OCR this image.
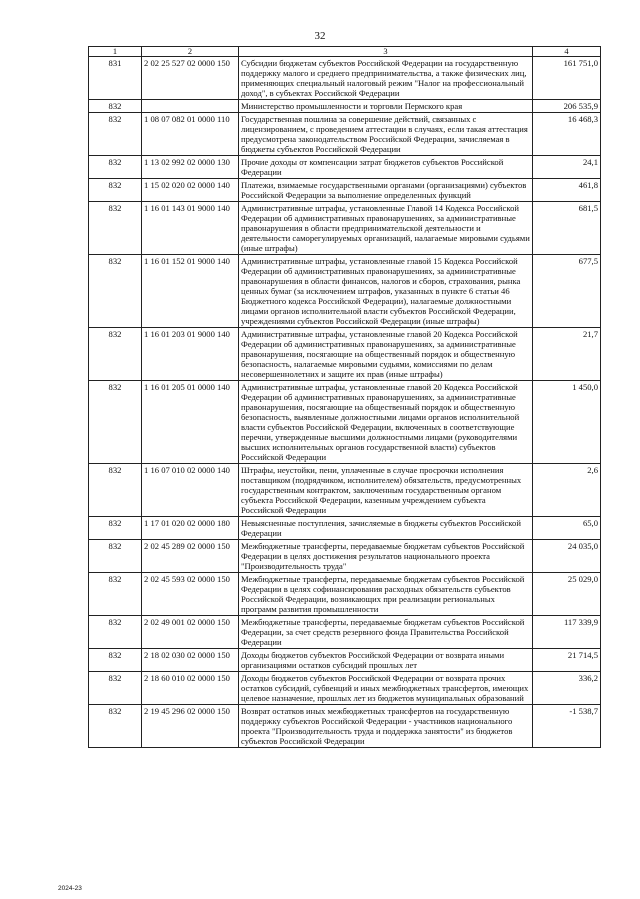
32
1	2	3	4
831	2 02 25 527 02 0000 150	Субсидии бюджетам субъектов Российской Федерации на государственную поддержку малого и среднего предпринимательства, а также физических лиц, применяющих специальный налоговый режим "Налог на профессиональный доход", в субъектах Российской Федерации	161 751,0
832		Министерство промышленности и торговли Пермского края	206 535,9
832	1 08 07 082 01 0000 110	Государственная пошлина за совершение действий, связанных с лицензированием, с проведением аттестации в случаях, если такая аттестация предусмотрена законодательством Российской Федерации, зачисляемая в бюджеты субъектов Российской Федерации	16 468,3
832	1 13 02 992 02 0000 130	Прочие доходы от компенсации затрат бюджетов субъектов Российской Федерации	24,1
832	1 15 02 020 02 0000 140	Платежи, взимаемые государственными органами (организациями) субъектов Российской Федерации за выполнение определенных функций	461,8
832	1 16 01 143 01 9000 140	Административные штрафы, установленные Главой 14 Кодекса Российской Федерации об административных правонарушениях, за административные правонарушения в области предпринимательской деятельности и деятельности саморегулируемых организаций, налагаемые мировыми судьями (иные штрафы)	681,5
832	1 16 01 152 01 9000 140	Административные штрафы, установленные главой 15 Кодекса Российской Федерации об административных правонарушениях, за административные правонарушения в области финансов, налогов и сборов, страхования, рынка ценных бумаг (за исключением штрафов, указанных в пункте 6 статьи 46 Бюджетного кодекса Российской Федерации), налагаемые должностными лицами органов исполнительной власти субъектов Российской Федерации, учреждениями субъектов Российской Федерации (иные штрафы)	677,5
832	1 16 01 203 01 9000 140	Административные штрафы, установленные главой 20 Кодекса Российской Федерации об административных правонарушениях, за административные правонарушения, посягающие на общественный порядок и общественную безопасность, налагаемые мировыми судьями, комиссиями по делам несовершеннолетних и защите их прав (иные штрафы)	21,7
832	1 16 01 205 01 0000 140	Административные штрафы, установленные главой 20 Кодекса Российской Федерации об административных правонарушениях, за административные правонарушения, посягающие на общественный порядок и общественную безопасность, выявленные должностными лицами органов исполнительной власти субъектов Российской Федерации, включенных в соответствующие перечни, утвержденные высшими должностными лицами (руководителями высших исполнительных органов государственной власти) субъектов Российской Федерации	1 450,0
832	1 16 07 010 02 0000 140	Штрафы, неустойки, пени, уплаченные в случае просрочки исполнения поставщиком (подрядчиком, исполнителем) обязательств, предусмотренных государственным контрактом, заключенным государственным органом субъекта Российской Федерации, казенным учреждением субъекта Российской Федерации	2,6
832	1 17 01 020 02 0000 180	Невыясненные поступления, зачисляемые в бюджеты субъектов Российской Федерации	65,0
832	2 02 45 289 02 0000 150	Межбюджетные трансферты, передаваемые бюджетам субъектов Российской Федерации в целях достижения результатов национального проекта "Производительность труда"	24 035,0
832	2 02 45 593 02 0000 150	Межбюджетные трансферты, передаваемые бюджетам субъектов Российской Федерации в целях софинансирования расходных обязательств субъектов Российской Федерации, возникающих при реализации региональных программ развития промышленности	25 029,0
832	2 02 49 001 02 0000 150	Межбюджетные трансферты, передаваемые бюджетам субъектов Российской Федерации, за счет средств резервного фонда Правительства Российской Федерации	117 339,9
832	2 18 02 030 02 0000 150	Доходы бюджетов субъектов Российской Федерации от возврата иными организациями остатков субсидий прошлых лет	21 714,5
832	2 18 60 010 02 0000 150	Доходы бюджетов субъектов Российской Федерации от возврата прочих остатков субсидий, субвенций и иных межбюджетных трансфертов, имеющих целевое назначение, прошлых лет из бюджетов муниципальных образований	336,2
832	2 19 45 296 02 0000 150	Возврат остатков иных межбюджетных трансфертов на государственную поддержку субъектов Российской Федерации - участников национального проекта "Производительность труда и поддержка занятости" из бюджетов субъектов Российской Федерации	-1 538,7
2024-23
